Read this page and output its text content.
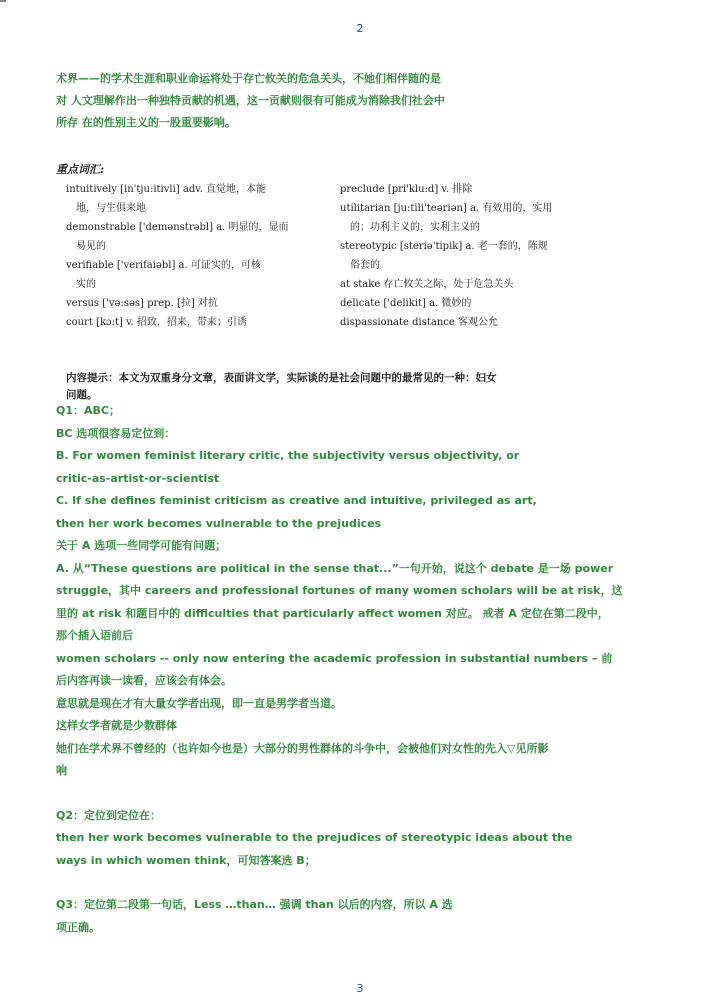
2
术界——的学术生涯和职业命运将处于存亡攸关的危急关头，不她们相伴随的是
对 人文理解作出一种独特贡献的机遇，这一贡献则很有可能成为消除我们社会中
所存 在的性别主义的一股重要影响。
重点词汇:
intuitively [in'tju:itivli] adv. 直觉地，本能
地，与生俱来地
demonstrable ['demənstrəbl] a. 明显的，显而
易见的
verifiable ['verifaiəbl] a. 可证实的，可核
实的
versus ['və:səs] prep. [拉] 对抗
court [kɔ:t] v. 招致，招来，带来；引诱
preclude [pri'klu:d] v. 排除
utilitarian [ju:tili'teəriən] a. 有效用的，实用
的；功利主义的，实利主义的
stereotypic [steriə'tipik] a. 老一套的，陈规
俗套的
at stake 存亡攸关之际，处于危急关头
delicate ['delikit] a. 微妙的
dispassionate distance 客观公允
内容提示：本文为双重身分文章，表面讲文学，实际谈的是社会问题中的最常见的一种：妇女
问题。
Q1：ABC；
BC 选项很容易定位到：
B. For women feminist literary critic, the subjectivity versus objectivity, or
critic-as-artist-or-scientist
C. If she defines feminist criticism as creative and intuitive, privileged as art,
then her work becomes vulnerable to the prejudices
关于 A 选项一些同学可能有问题；
A. 从“These questions are political in the sense that...”一句开始，说这个 debate 是一场 power
struggle，其中 careers and professional fortunes of many women scholars will be at risk，这
里的 at risk 和题目中的 difficulties that particularly affect women 对应。 戒者 A 定位在第二段中，
那个插入语前后
women scholars -- only now entering the academic profession in substantial numbers – 前
后内容再读一读看，应该会有体会。
意思就是现在才有大量女学者出现，即一直是男学者当道。
这样女学者就是少数群体
她们在学术界不曾经的（也许如今也是）大部分的男性群体的斗争中，会被他们对女性的先入▽见所影
响
Q2：定位到定位在：
then her work becomes vulnerable to the prejudices of stereotypic ideas about the
ways in which women think，可知答案选 B；
Q3：定位第二段第一句话，Less …than… 强调 than 以后的内容，所以 A 选
项正确。
3
